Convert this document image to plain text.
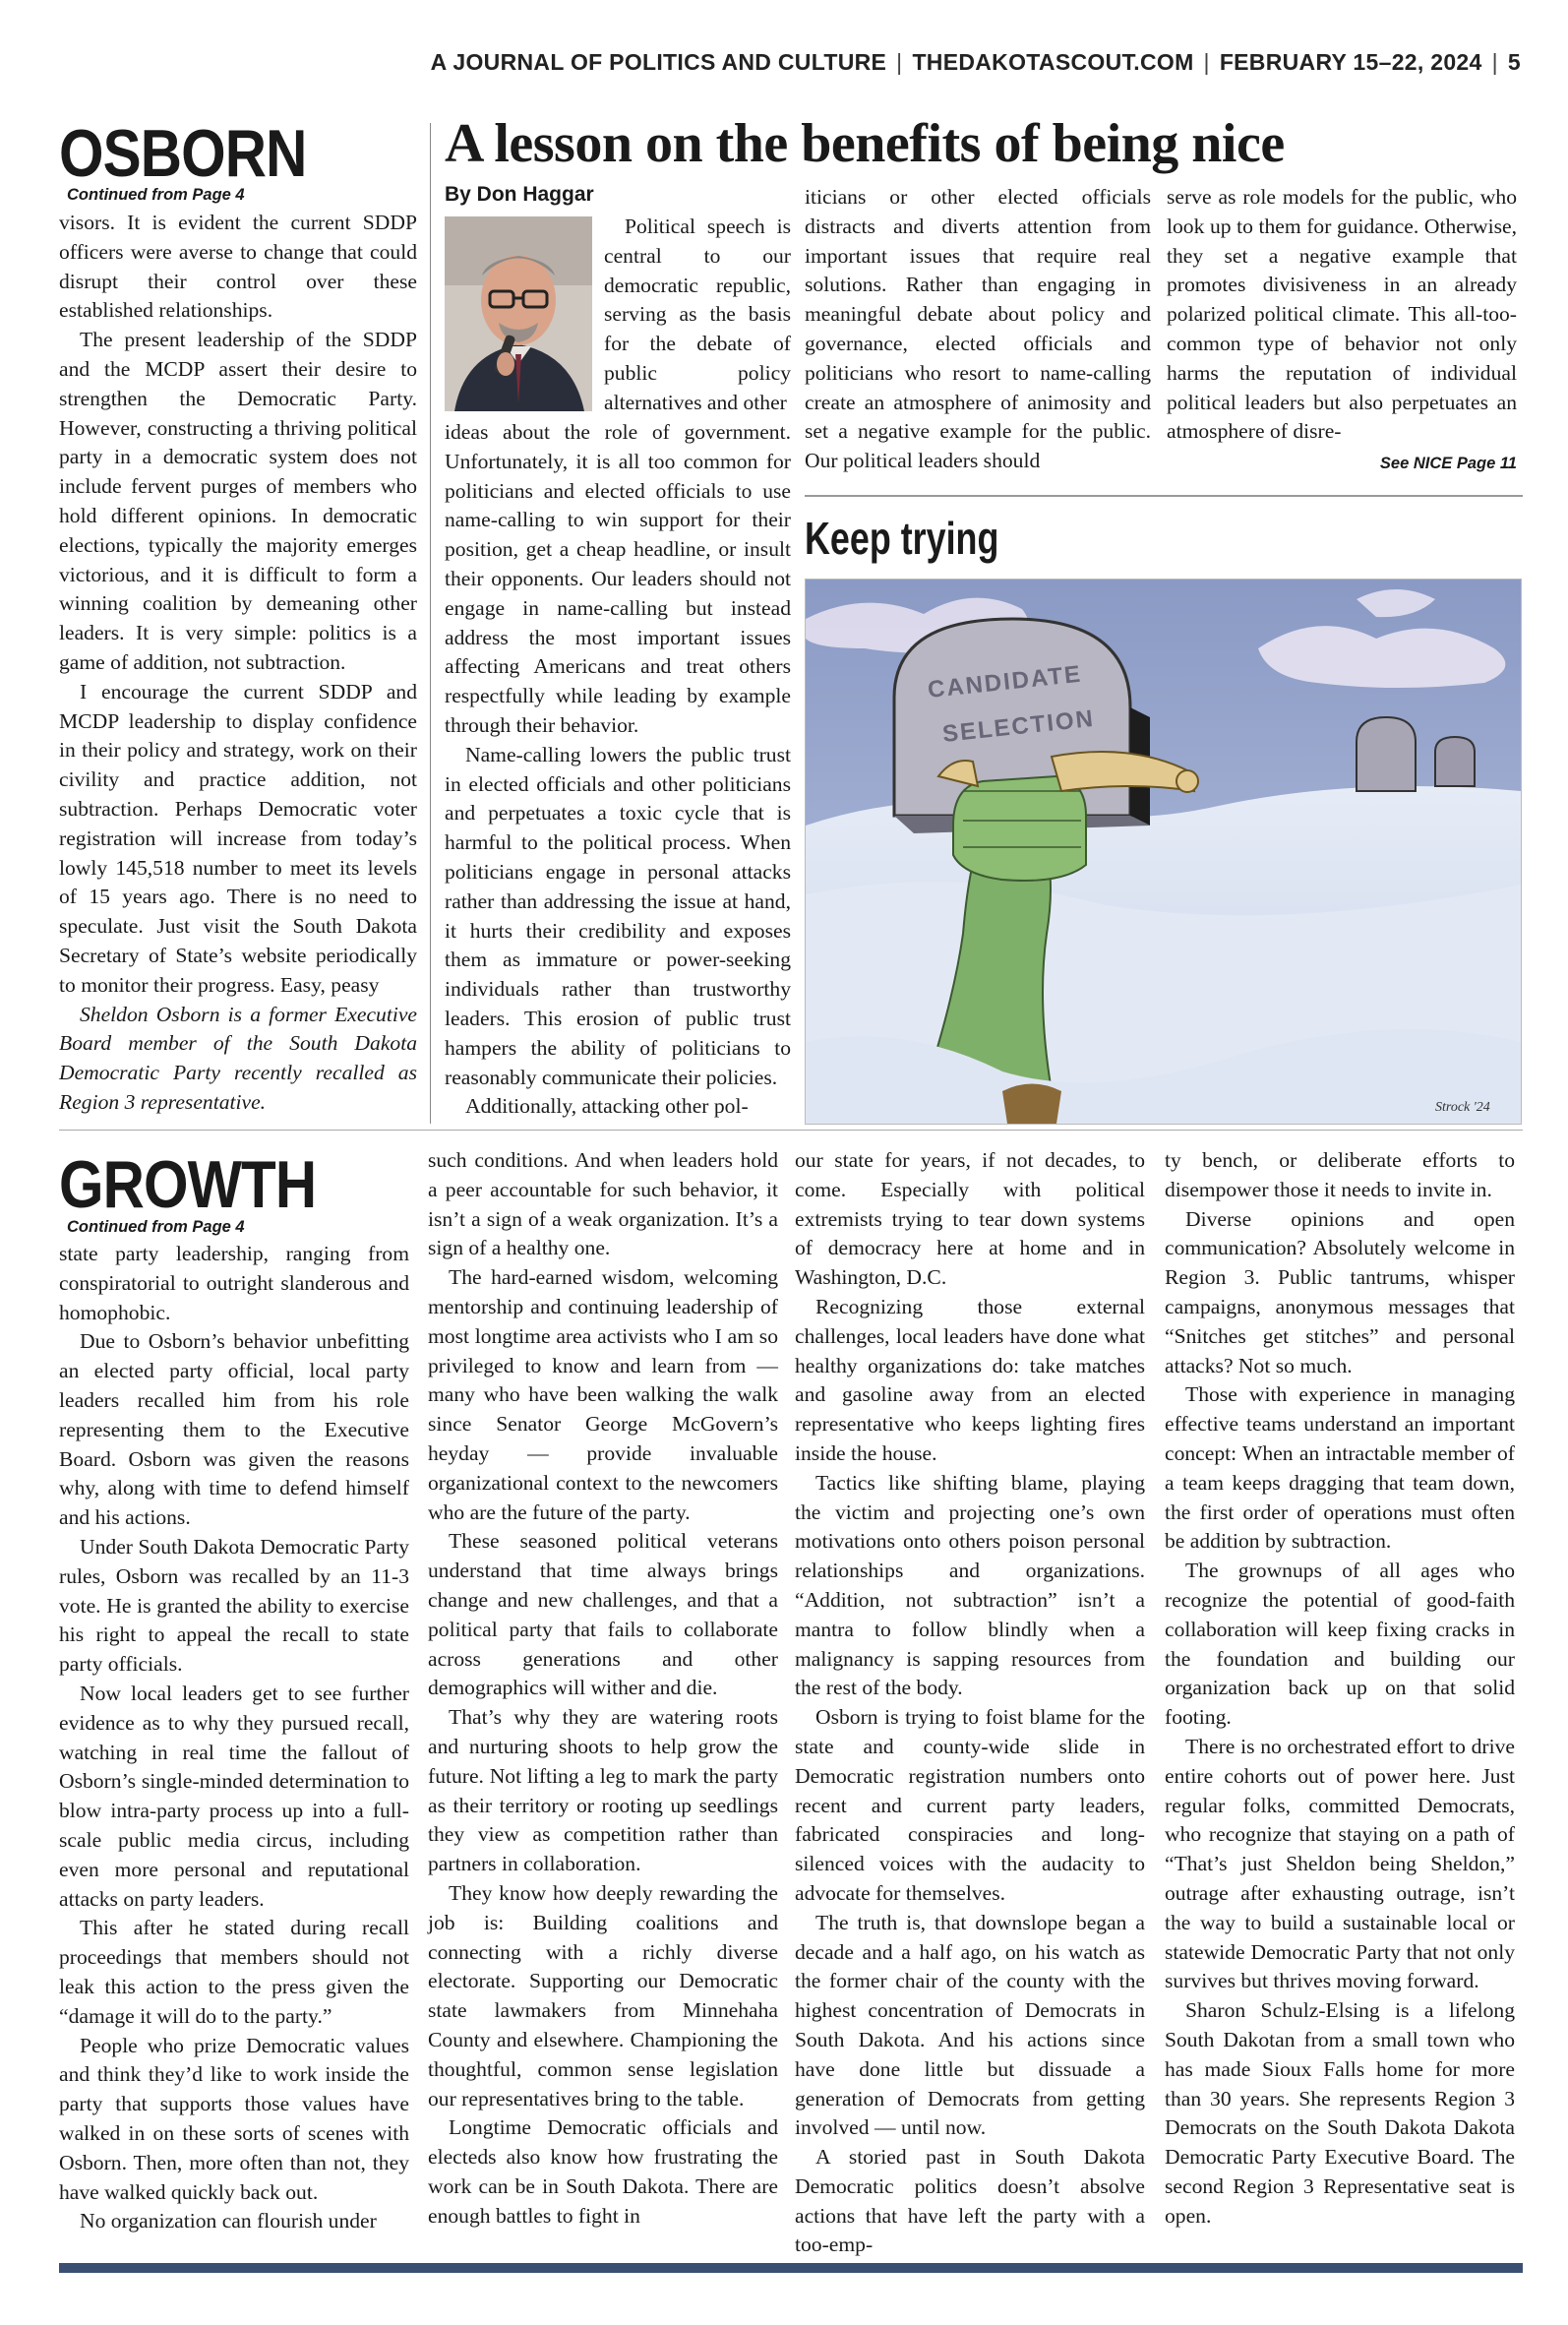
A JOURNAL OF POLITICS AND CULTURE | THEDAKOTASCOUT.COM | FEBRUARY 15–22, 2024 | 5
OSBORN
Continued from Page 4

visors. It is evident the current SDDP officers were averse to change that could disrupt their control over these established relationships.

The present leadership of the SDDP and the MCDP assert their desire to strengthen the Democratic Party. However, constructing a thriving political party in a democratic system does not include fervent purges of members who hold different opinions. In democratic elections, typically the majority emerges victorious, and it is difficult to form a winning coalition by demeaning other leaders. It is very simple: politics is a game of addition, not subtraction.

I encourage the current SDDP and MCDP leadership to display confidence in their policy and strategy, work on their civility and practice addition, not subtraction. Perhaps Democratic voter registration will increase from today’s lowly 145,518 number to meet its levels of 15 years ago. There is no need to speculate. Just visit the South Dakota Secretary of State’s website periodically to monitor their progress. Easy, peasy

Sheldon Osborn is a former Executive Board member of the South Dakota Democratic Party recently recalled as Region 3 representative.

A lesson on the benefits of being nice
By Don Haggar

Political speech is central to our democratic republic, serving as the basis for the debate of public policy alternatives and other

ideas about the role of government. Unfortunately, it is all too common for politicians and elected officials to use name-calling to win support for their position, get a cheap headline, or insult their opponents. Our leaders should not engage in name-calling but instead address the most important issues affecting Americans and treat others respectfully while leading by example through their behavior.

Name-calling lowers the public trust in elected officials and other politicians and perpetuates a toxic cycle that is harmful to the political process. When politicians engage in personal attacks rather than addressing the issue at hand, it hurts their credibility and exposes them as immature or power-seeking individuals rather than trustworthy leaders. This erosion of public trust hampers the ability of politicians to reasonably communicate their policies.

Additionally, attacking other pol-

iticians or other elected officials distracts and diverts attention from important issues that require real solutions. Rather than engaging in meaningful debate about policy and governance, elected officials and politicians who resort to name-calling create an atmosphere of animosity and set a negative example for the public. Our political leaders should

serve as role models for the public, who look up to them for guidance. Otherwise, they set a negative example that promotes divisiveness in an already polarized political climate. This all-too-common type of behavior not only harms the reputation of individual political leaders but also perpetuates an atmosphere of disre-

See NICE Page 11
Keep trying
CANDIDATE
SELECTION
Strock '24
GROWTH
Continued from Page 4

state party leadership, ranging from conspiratorial to outright slanderous and homophobic.

Due to Osborn’s behavior unbefitting an elected party official, local party leaders recalled him from his role representing them to the Executive Board. Osborn was given the reasons why, along with time to defend himself and his actions.

Under South Dakota Democratic Party rules, Osborn was recalled by an 11-3 vote. He is granted the ability to exercise his right to appeal the recall to state party officials.

Now local leaders get to see further evidence as to why they pursued recall, watching in real time the fallout of Osborn’s single-minded determination to blow intra-party process up into a full-scale public media circus, including even more personal and reputational attacks on party leaders.

This after he stated during recall proceedings that members should not leak this action to the press given the “damage it will do to the party.”

People who prize Democratic values and think they’d like to work inside the party that supports those values have walked in on these sorts of scenes with Osborn. Then, more often than not, they have walked quickly back out.

No organization can flourish under

such conditions. And when leaders hold a peer accountable for such behavior, it isn’t a sign of a weak organization. It’s a sign of a healthy one.

The hard-earned wisdom, welcoming mentorship and continuing leadership of most longtime area activists who I am so privileged to know and learn from — many who have been walking the walk since Senator George McGovern’s heyday — provide invaluable organizational context to the newcomers who are the future of the party.

These seasoned political veterans understand that time always brings change and new challenges, and that a political party that fails to collaborate across generations and other demographics will wither and die.

That’s why they are watering roots and nurturing shoots to help grow the future. Not lifting a leg to mark the party as their territory or rooting up seedlings they view as competition rather than partners in collaboration.

They know how deeply rewarding the job is: Building coalitions and connecting with a richly diverse electorate. Supporting our Democratic state lawmakers from Minnehaha County and elsewhere. Championing the thoughtful, common sense legislation our representatives bring to the table.

Longtime Democratic officials and electeds also know how frustrating the work can be in South Dakota. There are enough battles to fight in

our state for years, if not decades, to come. Especially with political extremists trying to tear down systems of democracy here at home and in Washington, D.C.

Recognizing those external challenges, local leaders have done what healthy organizations do: take matches and gasoline away from an elected representative who keeps lighting fires inside the house.

Tactics like shifting blame, playing the victim and projecting one’s own motivations onto others poison personal relationships and organizations. “Addition, not subtraction” isn’t a mantra to follow blindly when a malignancy is sapping resources from the rest of the body.

Osborn is trying to foist blame for the state and county-wide slide in Democratic registration numbers onto recent and current party leaders, fabricated conspiracies and long-silenced voices with the audacity to advocate for themselves.

The truth is, that downslope began a decade and a half ago, on his watch as the former chair of the county with the highest concentration of Democrats in South Dakota. And his actions since have done little but dissuade a generation of Democrats from getting involved — until now.

A storied past in South Dakota Democratic politics doesn’t absolve actions that have left the party with a too-emp-

ty bench, or deliberate efforts to disempower those it needs to invite in.

Diverse opinions and open communication? Absolutely welcome in Region 3. Public tantrums, whisper campaigns, anonymous messages that “Snitches get stitches” and personal attacks? Not so much.

Those with experience in managing effective teams understand an important concept: When an intractable member of a team keeps dragging that team down, the first order of operations must often be addition by subtraction.

The grownups of all ages who recognize the potential of good-faith collaboration will keep fixing cracks in the foundation and building our organization back up on that solid footing.

There is no orchestrated effort to drive entire cohorts out of power here. Just regular folks, committed Democrats, who recognize that staying on a path of “That’s just Sheldon being Sheldon,” outrage after exhausting outrage, isn’t the way to build a sustainable local or statewide Democratic Party that not only survives but thrives moving forward.

Sharon Schulz-Elsing is a lifelong South Dakotan from a small town who has made Sioux Falls home for more than 30 years. She represents Region 3 Democrats on the South Dakota Dakota Democratic Party Executive Board. The second Region 3 Representative seat is open.
